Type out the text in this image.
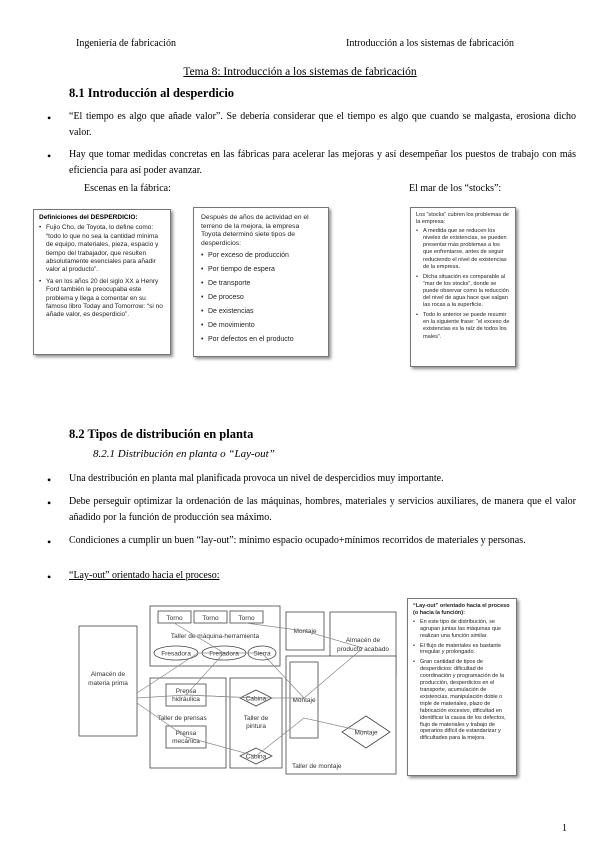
Ingeniería de fabricación	Introducción a los sistemas de fabricación
Tema 8: Introducción a los sistemas de fabricación
8.1 Introducción al desperdicio
• “El tiempo es algo que añade valor”. Se debería considerar que el tiempo es algo que cuando se malgasta, erosiona dicho valor.
• Hay que tomar medidas concretas en las fábricas para acelerar las mejoras y así desempeñar los puestos de trabajo con más eficiencia para así poder avanzar.
Escenas en la fábrica:	El mar de los “stocks”:
Definiciones del DESPERDICIO:
• Fujio Cho, de Toyota, lo define como: “todo lo que no sea la cantidad mínima de equipo, materiales, pieza, espacio y tiempo del trabajador, que resulten absolutamente esenciales para añadir valor al producto”.
• Ya en los años 20 del siglo XX a Henry Ford también le preocupaba este problema y llega a comentar en su famoso libro Today and Tomorrow: “si no añade valor, es desperdicio”.
Después de años de actividad en el terreno de la mejora, la empresa Toyota determinó siete tipos de desperdicios:
• Por exceso de producción
• Por tiempo de espera
• De transporte
• De proceso
• De existencias
• De movimiento
• Por defectos en el producto
Los “stocks” cubren los problemas de la empresa:
• A medida que se reducen los niveles de existencias, se pueden presentar más problemas a los que enfrentarse, antes de seguir reduciendo el nivel de existencias de la empresa.
• Dicha situación es comparable al “mar de los stocks”, donde se puede observar como la reducción del nivel de agua hace que salgan las rocas a la superficie.
• Todo lo anterior se puede resumir en la siguiente frase: “el exceso de existencias es la raíz de todos los males”.
8.2 Tipos de distribución en planta
8.2.1 Distribución en planta o “Lay-out”
• Una destribución en planta mal planificada provoca un nivel de despercidios muy importante.
• Debe perseguir optimizar la ordenación de las máquinas, hombres, materiales y servicios auxiliares, de manera que el valor añadido por la función de producción sea máximo.
• Condiciones a cumplir un buen “lay-out”: mínimo espacio ocupado+mínimos recorridos de materiales y personas.
• “Lay-out” orientado hacia el proceso:
Almacén de
materia prima
Torno	Torno	Torno
Taller de máquina-herramienta
Fresadora	Fresadora Sierra
Montaje
Almacén de
producto acabado
Prensa
hidráulica
Taller de prensas
Prensa
mecánica
Cabina
Taller de
pintura
Cabina
Montaje
Montaje
Taller de montaje
“Lay-out” orientado hacia el proceso (o hacia la función):
• En este tipo de distribución, se agrupan juntas las máquinas que realizan una función similar.
• El flujo de materiales es bastante irregular y prolongado.
• Gran cantidad de tipos de desperdicios: dificultad de coordinación y programación de la producción, desperdicios en el transporte, acumulación de existencias, manipulación doble o triple de materiales, plazo de fabricación excesivo, dificultad en identificar la causa de los defectos, flujo de materiales y trabajo de operarios difícil de estandarizar y dificultades para la mejora.
1
